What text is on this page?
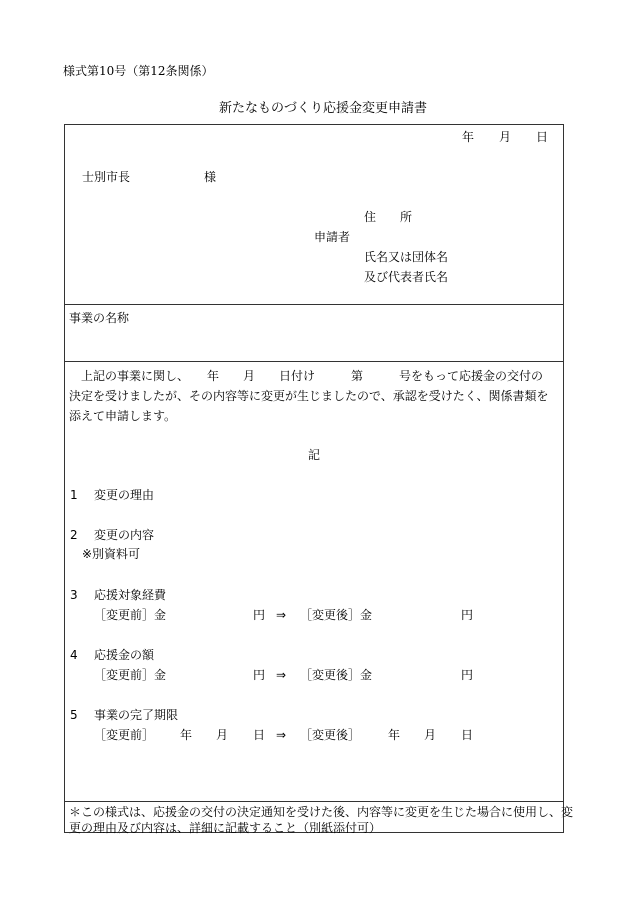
様式第10号（第12条関係）
新たなものづくり応援金変更申請書
年 月 日
士別市長	様
住　　所
申請者
氏名又は団体名
及び代表者氏名
事業の名称
上記の事業に関し、　　年　　月　　日付け　　　第　　　号をもって応援金の交付の
決定を受けましたが、その内容等に変更が生じましたので、承認を受けたく、関係書類を
添えて申請します。
記
1 変更の理由
2 変更の内容
※別資料可
3 応援対象経費
［変更前］金	円 ⇒ ［変更後］金	円
4 応援金の額
［変更前］金	円 ⇒ ［変更後］金	円
5 事業の完了期限
［変更前］ 年 月 日 ⇒ ［変更後］ 年 月 日
＊この様式は、応援金の交付の決定通知を受けた後、内容等に変更を生じた場合に使用し、変
更の理由及び内容は、詳細に記載すること（別紙添付可）
